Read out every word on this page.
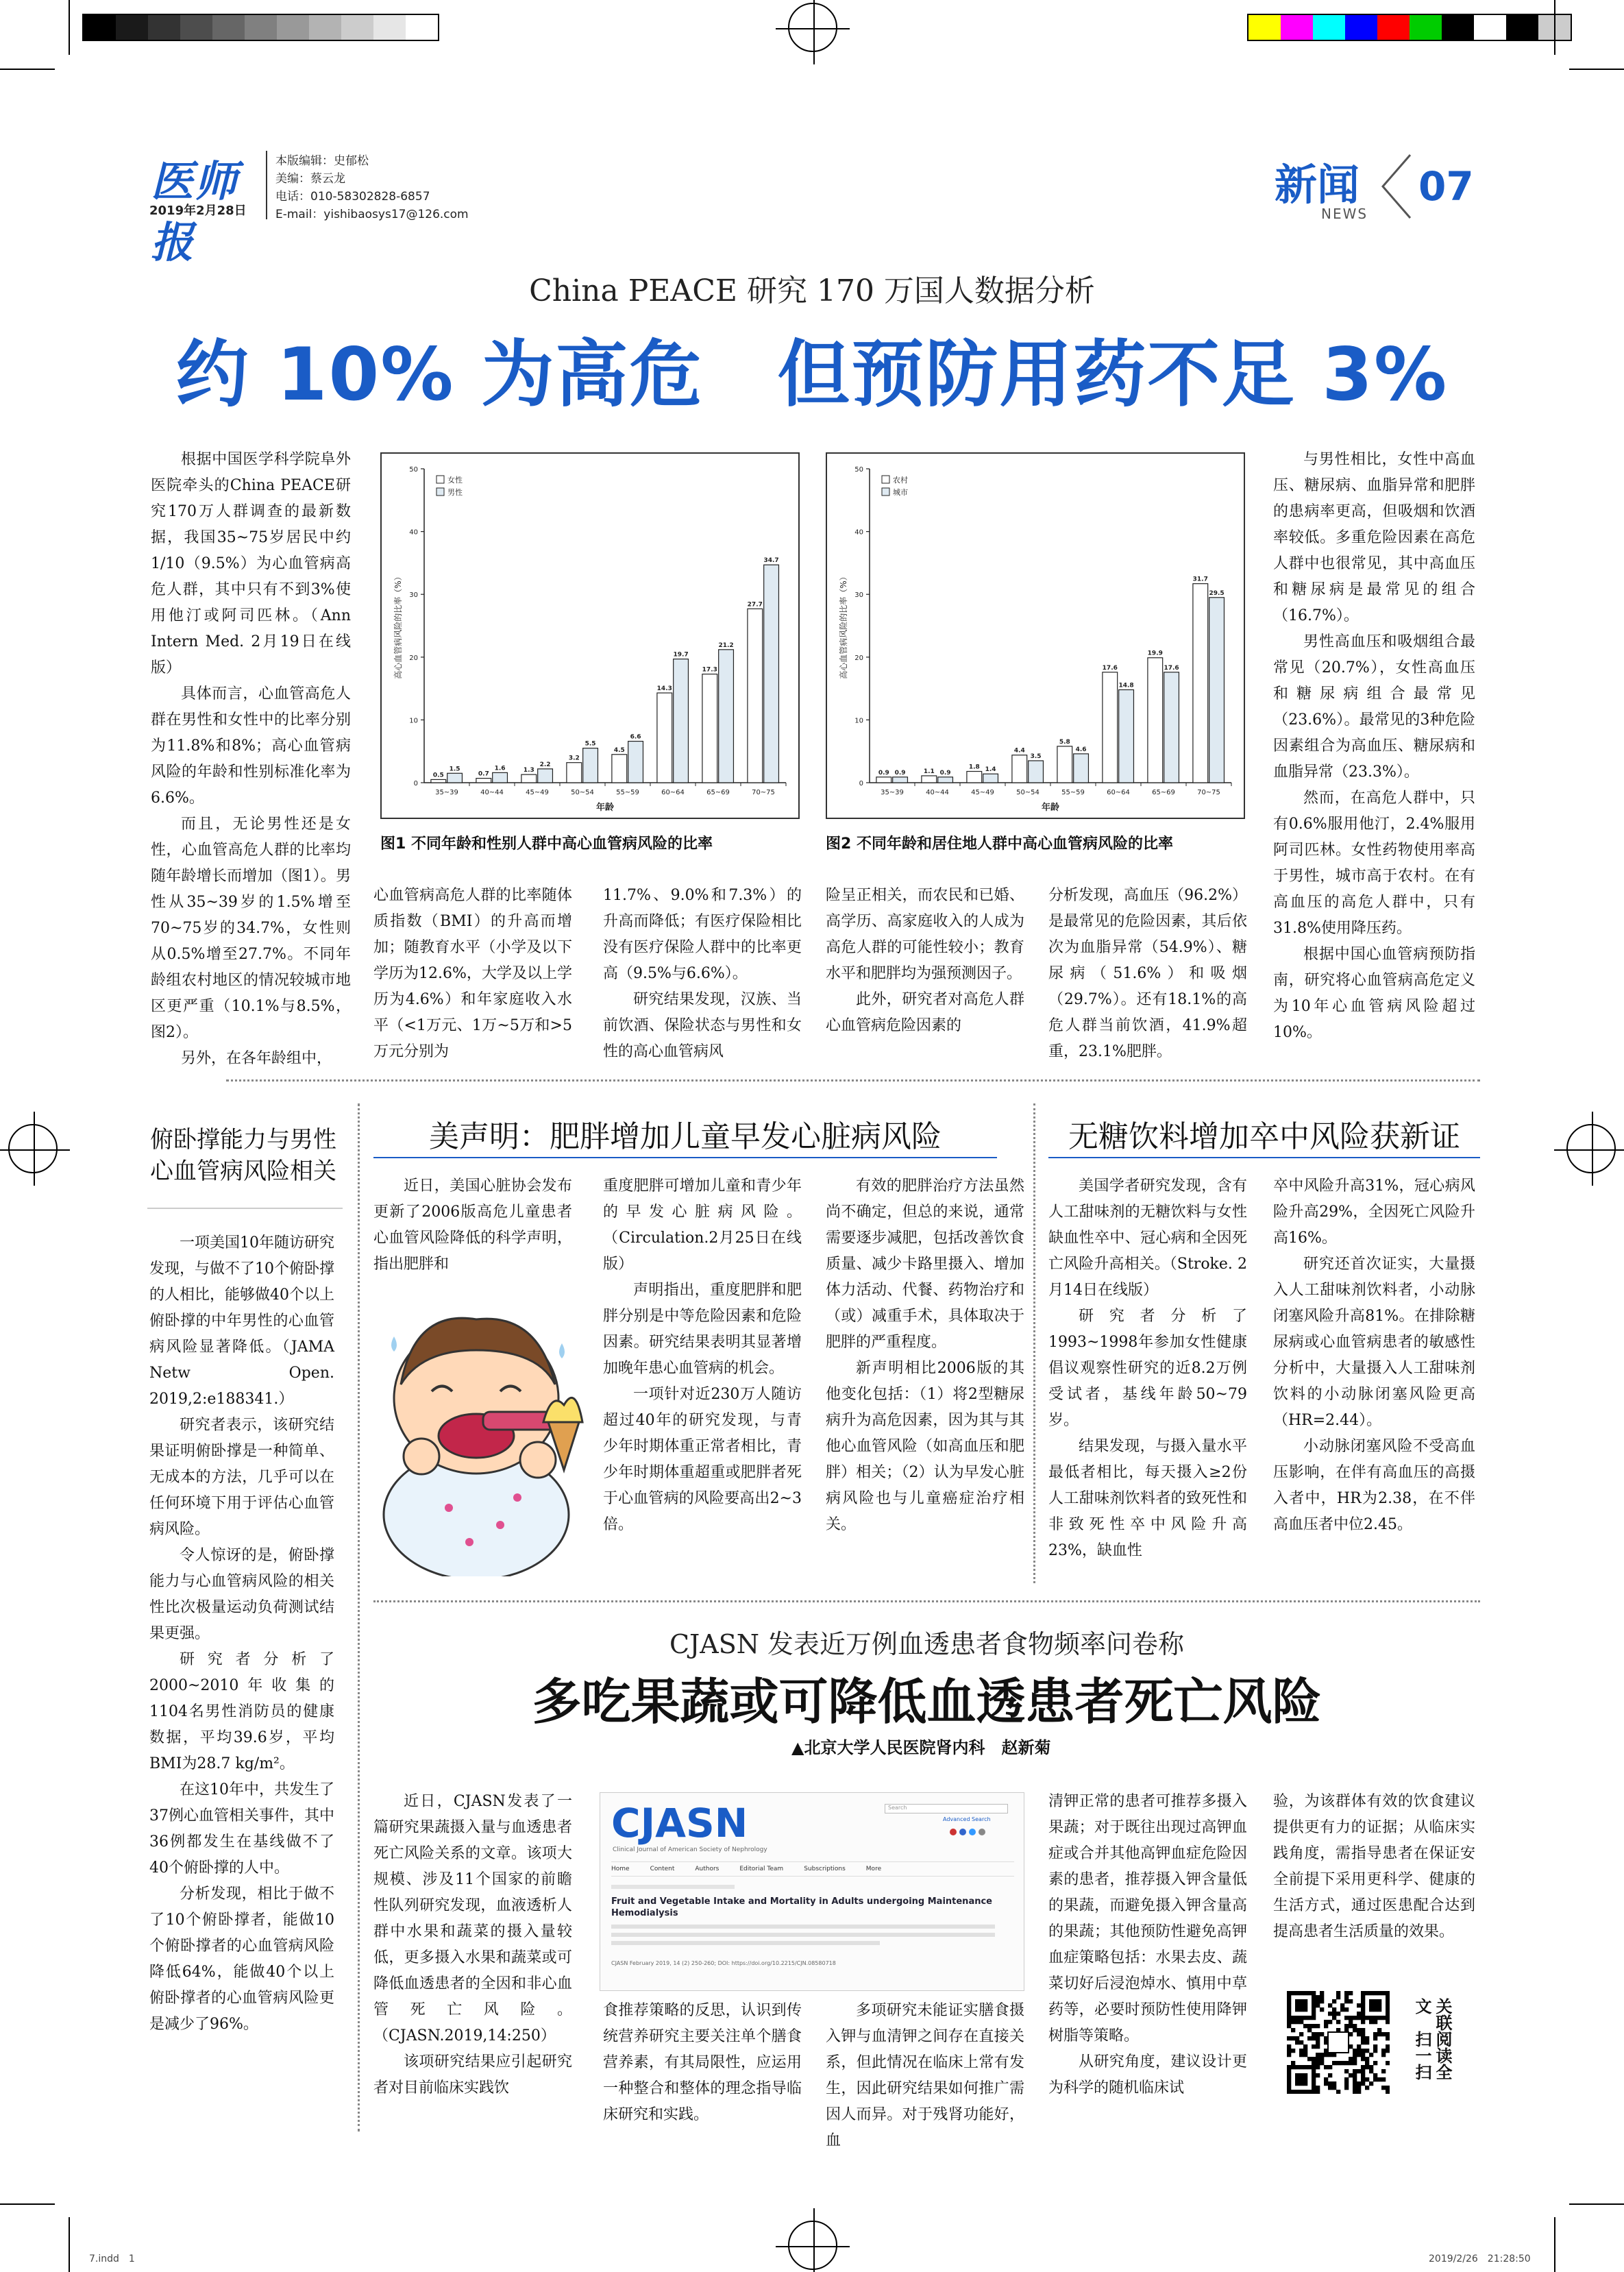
医师报
2019年2月28日
本版编辑：史郁松
美编：蔡云龙
电话：010-58302828-6857
E-mail：yishibaosys17@126.com
新闻
NEWS
07
China PEACE 研究 170 万国人数据分析
约 10% 为高危　但预防用药不足 3%

根据中国医学科学院阜外医院牵头的China PEACE研究170万人群调查的最新数据，我国35~75岁居民中约1/10（9.5%）为心血管病高危人群，其中只有不到3%使用他汀或阿司匹林。（Ann Intern Med. 2月19日在线版）

具体而言，心血管高危人群在男性和女性中的比率分别为11.8%和8%；高心血管病风险的年龄和性别标准化率为6.6%。

而且，无论男性还是女性，心血管高危人群的比率均随年龄增长而增加（图1）。男性从35~39岁的1.5%增至70~75岁的34.7%，女性则从0.5%增至27.7%。不同年龄组农村地区的情况较城市地区更严重（10.1%与8.5%，图2）。

另外，在各年龄组中，

0
10
20
30
40
50
高心血管病风险的比率（%）
0.5
1.5
35~39
0.7
1.6
40~44
1.3
2.2
45~49
3.2
5.5
50~54
4.5
6.6
55~59
14.3
19.7
60~64
17.3
21.2
65~69
27.7
34.7
70~75
年龄
女性
男性
图1 不同年龄和性别人群中高心血管病风险的比率
0
10
20
30
40
50
高心血管病风险的比率（%）
0.9 0.9
35~39
1.1 0.9
40~44
1.8 1.4
45~49
4.4
3.5
50~54
5.8
4.6
55~59
17.6
14.8
60~64
19.9
17.6
65~69
31.7
29.5
70~75
年龄
农村
城市
图2 不同年龄和居住地人群中高心血管病风险的比率

心血管病高危人群的比率随体质指数（BMI）的升高而增加；随教育水平（小学及以下学历为12.6%，大学及以上学历为4.6%）和年家庭收入水平（<1万元、1万~5万和>5万元分别为

11.7%、9.0%和7.3%）的升高而降低；有医疗保险相比没有医疗保险人群中的比率更高（9.5%与6.6%）。

研究结果发现，汉族、当前饮酒、保险状态与男性和女性的高心血管病风

险呈正相关，而农民和已婚、高学历、高家庭收入的人成为高危人群的可能性较小；教育水平和肥胖均为强预测因子。

此外，研究者对高危人群心血管病危险因素的

分析发现，高血压（96.2%）是最常见的危险因素，其后依次为血脂异常（54.9%）、糖尿病（51.6%）和吸烟（29.7%）。还有18.1%的高危人群当前饮酒，41.9%超重，23.1%肥胖。

与男性相比，女性中高血压、糖尿病、血脂异常和肥胖的患病率更高，但吸烟和饮酒率较低。多重危险因素在高危人群中也很常见，其中高血压和糖尿病是最常见的组合（16.7%）。

男性高血压和吸烟组合最常见（20.7%），女性高血压和糖尿病组合最常见（23.6%）。最常见的3种危险因素组合为高血压、糖尿病和血脂异常（23.3%）。

然而，在高危人群中，只有0.6%服用他汀，2.4%服用阿司匹林。女性药物使用率高于男性，城市高于农村。在有高血压的高危人群中，只有31.8%使用降压药。

根据中国心血管病预防指南，研究将心血管病高危定义为10年心血管病风险超过10%。

俯卧撑能力与男性
心血管病风险相关

一项美国10年随访研究发现，与做不了10个俯卧撑的人相比，能够做40个以上俯卧撑的中年男性的心血管病风险显著降低。（JAMA Netw Open. 2019,2:e188341.）

研究者表示，该研究结果证明俯卧撑是一种简单、无成本的方法，几乎可以在任何环境下用于评估心血管病风险。

令人惊讶的是，俯卧撑能力与心血管病风险的相关性比次极量运动负荷测试结果更强。

研究者分析了2000~2010年收集的1104名男性消防员的健康数据，平均39.6岁，平均BMI为28.7 kg/m²。

在这10年中，共发生了37例心血管相关事件，其中36例都发生在基线做不了40个俯卧撑的人中。

分析发现，相比于做不了10个俯卧撑者，能做10个俯卧撑者的心血管病风险降低64%，能做40个以上俯卧撑者的心血管病风险更是减少了96%。

美声明：肥胖增加儿童早发心脏病风险

近日，美国心脏协会发布更新了2006版高危儿童患者心血管风险降低的科学声明，指出肥胖和

重度肥胖可增加儿童和青少年的早发心脏病风险。（Circulation.2月25日在线版）

声明指出，重度肥胖和肥胖分别是中等危险因素和危险因素。研究结果表明其显著增加晚年患心血管病的机会。

一项针对近230万人随访超过40年的研究发现，与青少年时期体重正常者相比，青少年时期体重超重或肥胖者死于心血管病的风险要高出2~3倍。

有效的肥胖治疗方法虽然尚不确定，但总的来说，通常需要逐步减肥，包括改善饮食质量、减少卡路里摄入、增加体力活动、代餐、药物治疗和（或）减重手术，具体取决于肥胖的严重程度。

新声明相比2006版的其他变化包括：（1）将2型糖尿病升为高危因素，因为其与其他心血管风险（如高血压和肥胖）相关；（2）认为早发心脏病风险也与儿童癌症治疗相关。

无糖饮料增加卒中风险获新证

美国学者研究发现，含有人工甜味剂的无糖饮料与女性缺血性卒中、冠心病和全因死亡风险升高相关。（Stroke. 2月14日在线版）

研究者分析了1993~1998年参加女性健康倡议观察性研究的近8.2万例受试者，基线年龄50~79岁。

结果发现，与摄入量水平最低者相比，每天摄入≥2份人工甜味剂饮料者的致死性和非致死性卒中风险升高23%，缺血性

卒中风险升高31%，冠心病风险升高29%，全因死亡风险升高16%。

研究还首次证实，大量摄入人工甜味剂饮料者，小动脉闭塞风险升高81%。在排除糖尿病或心血管病患者的敏感性分析中，大量摄入人工甜味剂饮料的小动脉闭塞风险更高（HR=2.44）。

小动脉闭塞风险不受高血压影响，在伴有高血压的高摄入者中，HR为2.38，在不伴高血压者中位2.45。

CJASN 发表近万例血透患者食物频率问卷称
多吃果蔬或可降低血透患者死亡风险
▲北京大学人民医院肾内科　赵新菊

近日，CJASN发表了一篇研究果蔬摄入量与血透患者死亡风险关系的文章。该项大规模、涉及11个国家的前瞻性队列研究发现，血液透析人群中水果和蔬菜的摄入量较低，更多摄入水果和蔬菜或可降低血透患者的全因和非心血管死亡风险。（CJASN.2019,14:250）

该项研究结果应引起研究者对目前临床实践饮

CJASN
Clinical Journal of American Society of Nephrology
Search
Advanced Search
Home	Content	Authors	Editorial Team	Subscriptions	More
Fruit and Vegetable Intake and Mortality in Adults undergoing Maintenance Hemodialysis
CJASN February 2019, 14 (2) 250-260; DOI: https://doi.org/10.2215/CJN.08580718

食推荐策略的反思，认识到传统营养研究主要关注单个膳食营养素，有其局限性，应运用一种整合和整体的理念指导临床研究和实践。

多项研究未能证实膳食摄入钾与血清钾之间存在直接关系，但此情况在临床上常有发生，因此研究结果如何推广需因人而异。对于残肾功能好，血

清钾正常的患者可推荐多摄入果蔬；对于既往出现过高钾血症或合并其他高钾血症危险因素的患者，推荐摄入钾含量低的果蔬，而避免摄入钾含量高的果蔬；其他预防性避免高钾血症策略包括：水果去皮、蔬菜切好后浸泡焯水、慎用中草药等，必要时预防性使用降钾树脂等策略。

从研究角度，建议设计更为科学的随机临床试

验，为该群体有效的饮食建议提供更有力的证据；从临床实践角度，需指导患者在保证安全前提下采用更科学、健康的生活方式，通过医患配合达到提高患者生活质量的效果。

关联阅读全文　扫一扫
7.indd　1	2019/2/26　21:28:50
